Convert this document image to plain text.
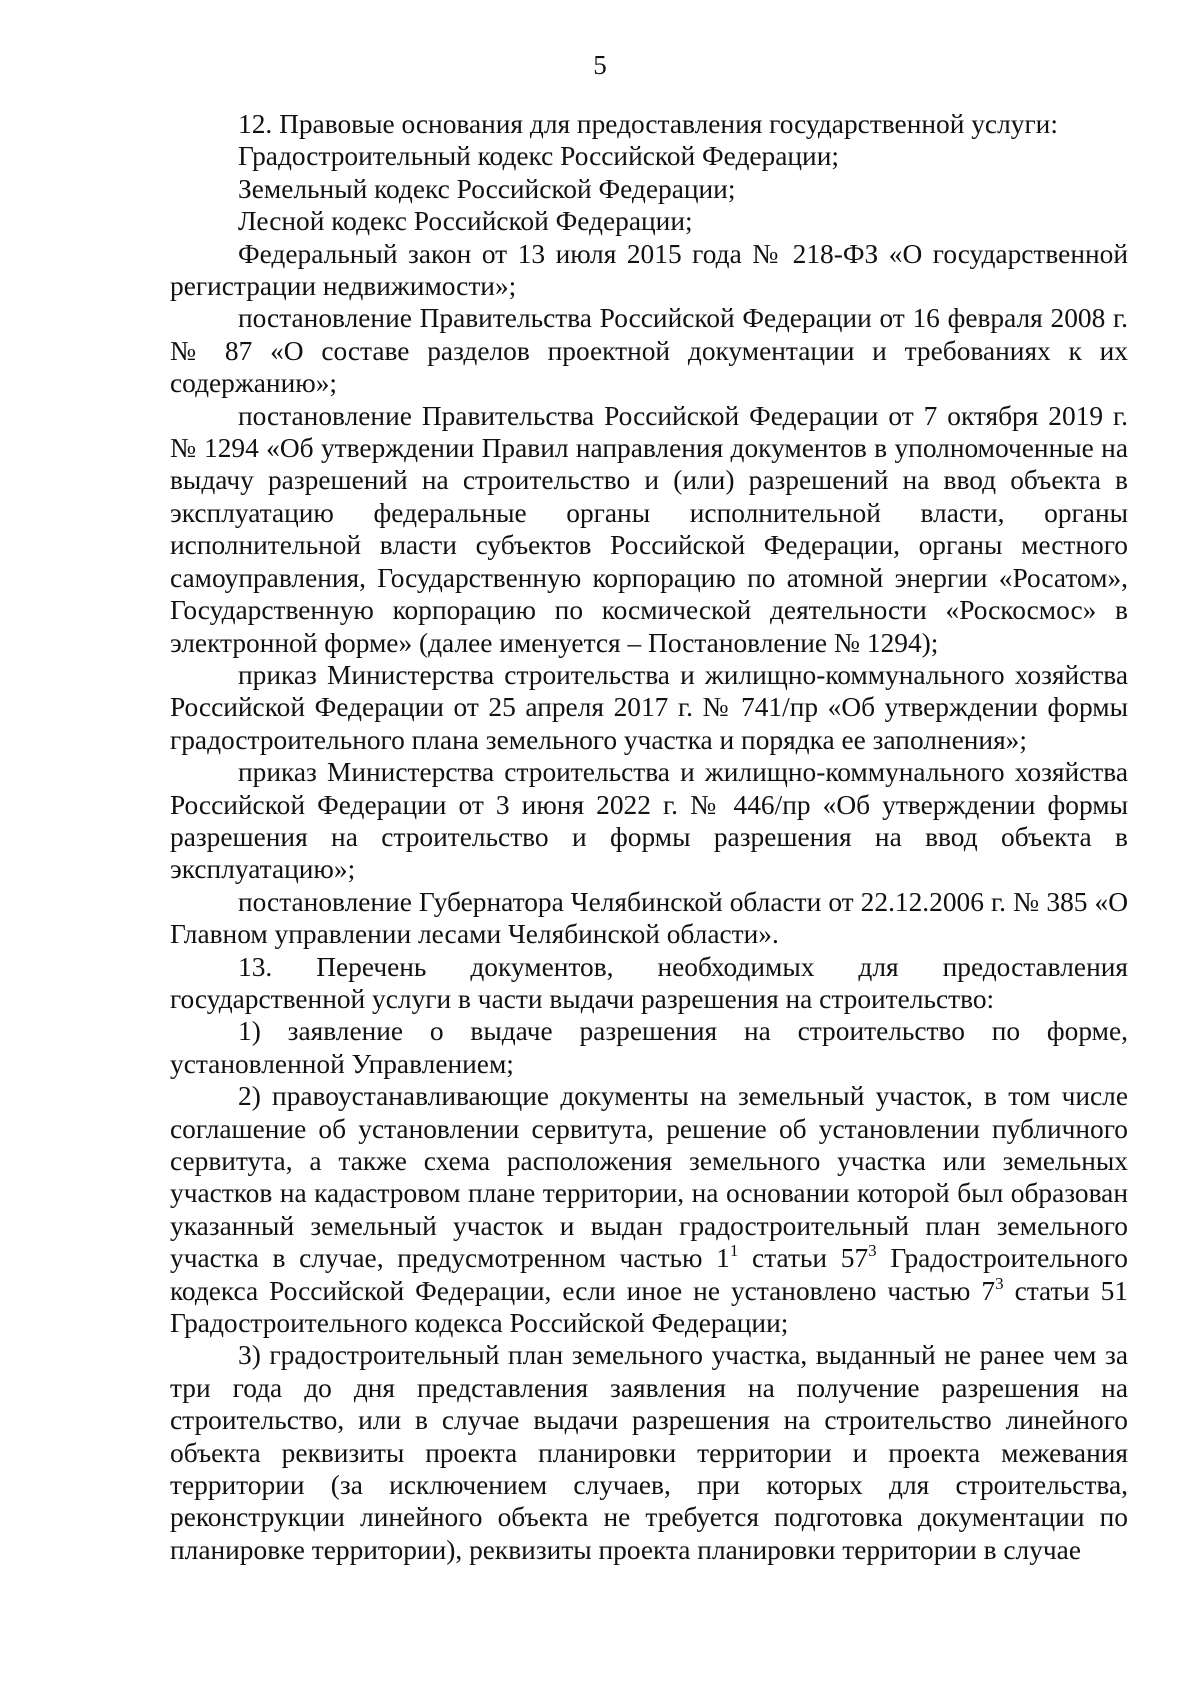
5

12. Правовые основания для предоставления государственной услуги:

Градостроительный кодекс Российской Федерации;

Земельный кодекс Российской Федерации;

Лесной кодекс Российской Федерации;

Федеральный закон от 13 июля 2015 года № 218-ФЗ «О государственной регистрации недвижимости»;

постановление Правительства Российской Федерации от 16 февраля 2008 г. № 87 «О составе разделов проектной документации и требованиях к их содержанию»;

постановление Правительства Российской Федерации от 7 октября 2019 г. № 1294 «Об утверждении Правил направления документов в уполномоченные на выдачу разрешений на строительство и (или) разрешений на ввод объекта в эксплуатацию федеральные органы исполнительной власти, органы исполнительной власти субъектов Российской Федерации, органы местного самоуправления, Государственную корпорацию по атомной энергии «Росатом», Государственную корпорацию по космической деятельности «Роскосмос» в электронной форме» (далее именуется – Постановление № 1294);

приказ Министерства строительства и жилищно-коммунального хозяйства Российской Федерации от 25 апреля 2017 г. № 741/пр «Об утверждении формы градостроительного плана земельного участка и порядка ее заполнения»;

приказ Министерства строительства и жилищно-коммунального хозяйства Российской Федерации от 3 июня 2022 г. № 446/пр «Об утверждении формы разрешения на строительство и формы разрешения на ввод объекта в эксплуатацию»;

постановление Губернатора Челябинской области от 22.12.2006 г. № 385 «О Главном управлении лесами Челябинской области».

13. Перечень документов, необходимых для предоставления государственной услуги в части выдачи разрешения на строительство:

1) заявление о выдаче разрешения на строительство по форме, установленной Управлением;

2) правоустанавливающие документы на земельный участок, в том числе соглашение об установлении сервитута, решение об установлении публичного сервитута, а также схема расположения земельного участка или земельных участков на кадастровом плане территории, на основании которой был образован указанный земельный участок и выдан градостроительный план земельного участка в случае, предусмотренном частью $1^1$ статьи $57^3$ Градостроительного кодекса Российской Федерации, если иное не установлено частью $7^3$ статьи 51 Градостроительного кодекса Российской Федерации;

3) градостроительный план земельного участка, выданный не ранее чем за три года до дня представления заявления на получение разрешения на строительство, или в случае выдачи разрешения на строительство линейного объекта реквизиты проекта планировки территории и проекта межевания территории (за исключением случаев, при которых для строительства, реконструкции линейного объекта не требуется подготовка документации по планировке территории), реквизиты проекта планировки территории в случае
